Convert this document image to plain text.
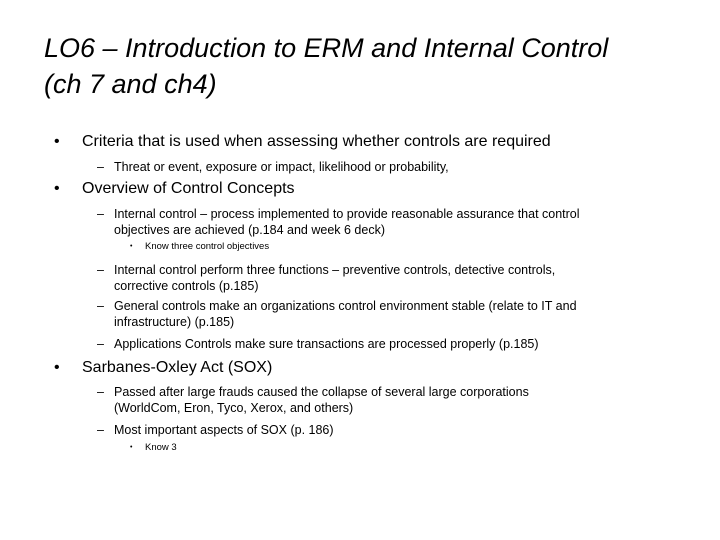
LO6 – Introduction to ERM and Internal Control
(ch 7 and ch4)
• Criteria that is used when assessing whether controls are required
– Threat or event, exposure or impact, likelihood or probability,
• Overview of Control Concepts
– Internal control – process implemented to provide reasonable assurance that control
objectives are achieved (p.184 and week 6 deck)
• Know three control objectives
– Internal control perform three functions – preventive controls, detective controls,
corrective controls (p.185)
– General controls make an organizations control environment stable (relate to IT and
infrastructure) (p.185)
– Applications Controls make sure transactions are processed properly (p.185)
• Sarbanes-Oxley Act (SOX)
– Passed after large frauds caused the collapse of several large corporations
(WorldCom, Eron, Tyco, Xerox, and others)
– Most important aspects of SOX (p. 186)
• Know 3
